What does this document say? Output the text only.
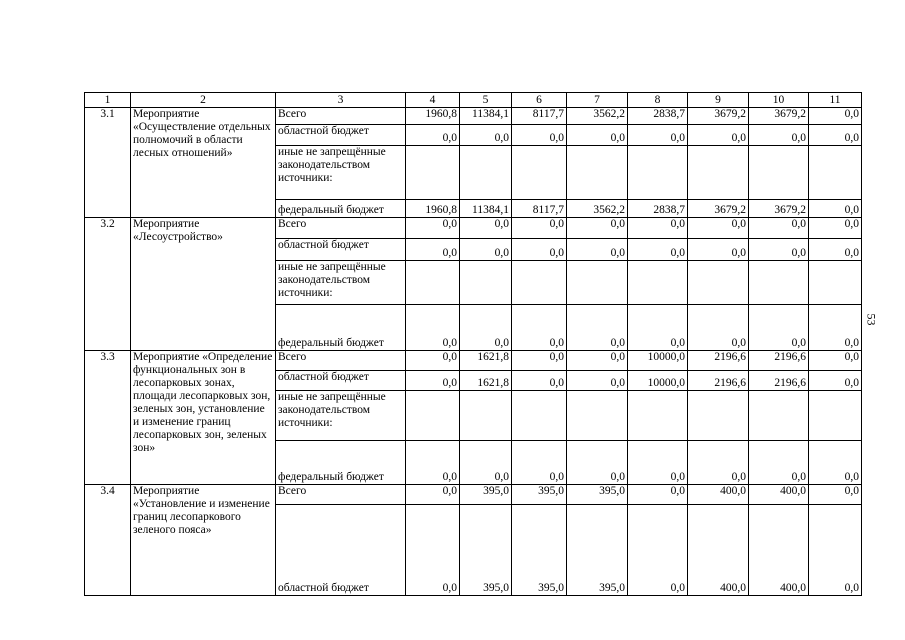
1	2	3	4	5	6	7	8	9	10	11
3.1	Мероприятие «Осуществление отдельных полномочий в области лесных отношений»	Всего	1960,8	11384,1	8117,7	3562,2	2838,7	3679,2	3679,2	0,0
		областной бюджет	0,0	0,0	0,0	0,0	0,0	0,0	0,0	0,0
		иные не запрещённые законодательством источники:								
		федеральный бюджет	1960,8	11384,1	8117,7	3562,2	2838,7	3679,2	3679,2	0,0
3.2	Мероприятие «Лесоустройство»	Всего	0,0	0,0	0,0	0,0	0,0	0,0	0,0	0,0
		областной бюджет	0,0	0,0	0,0	0,0	0,0	0,0	0,0	0,0
		иные не запрещённые законодательством источники:								
		федеральный бюджет	0,0	0,0	0,0	0,0	0,0	0,0	0,0	0,0
3.3	Мероприятие «Определение функциональных зон в лесопарковых зонах, площади лесопарковых зон, зеленых зон, установление и изменение границ лесопарковых зон, зеленых зон»	Всего	0,0	1621,8	0,0	0,0	10000,0	2196,6	2196,6	0,0
		областной бюджет	0,0	1621,8	0,0	0,0	10000,0	2196,6	2196,6	0,0
		иные не запрещённые законодательством источники:								
		федеральный бюджет	0,0	0,0	0,0	0,0	0,0	0,0	0,0	0,0
3.4	Мероприятие «Установление и изменение границ лесопаркового зеленого пояса»	Всего	0,0	395,0	395,0	395,0	0,0	400,0	400,0	0,0
		областной бюджет	0,0	395,0	395,0	395,0	0,0	400,0	400,0	0,0
53
